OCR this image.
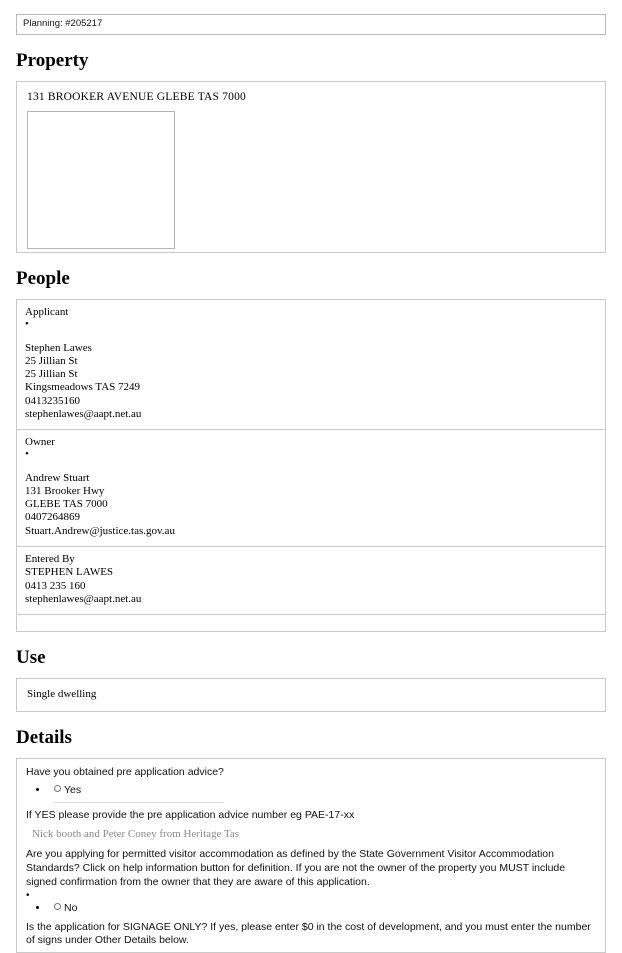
Planning: #205217
Property
131 BROOKER AVENUE GLEBE TAS 7000
People
Applicant
•
Stephen Lawes
25 Jillian St
25 Jillian St
Kingsmeadows TAS 7249
0413235160
stephenlawes@aapt.net.au
Owner
•
Andrew Stuart
131 Brooker Hwy
GLEBE TAS 7000
0407264869
Stuart.Andrew@justice.tas.gov.au
Entered By
STEPHEN LAWES
0413 235 160
stephenlawes@aapt.net.au
Use
Single dwelling
Details

Have you obtained pre application advice?

Yes

If YES please provide the pre application advice number eg PAE-17-xx

Nick booth and Peter Coney from Heritage Tas

Are you applying for permitted visitor accommodation as defined by the State Government Visitor Accommodation Standards? Click on help information button for definition. If you are not the owner of the property you MUST include signed confirmation from the owner that they are aware of this application.

•
No

Is the application for SIGNAGE ONLY? If yes, please enter $0 in the cost of development, and you must enter the number of signs under Other Details below.
